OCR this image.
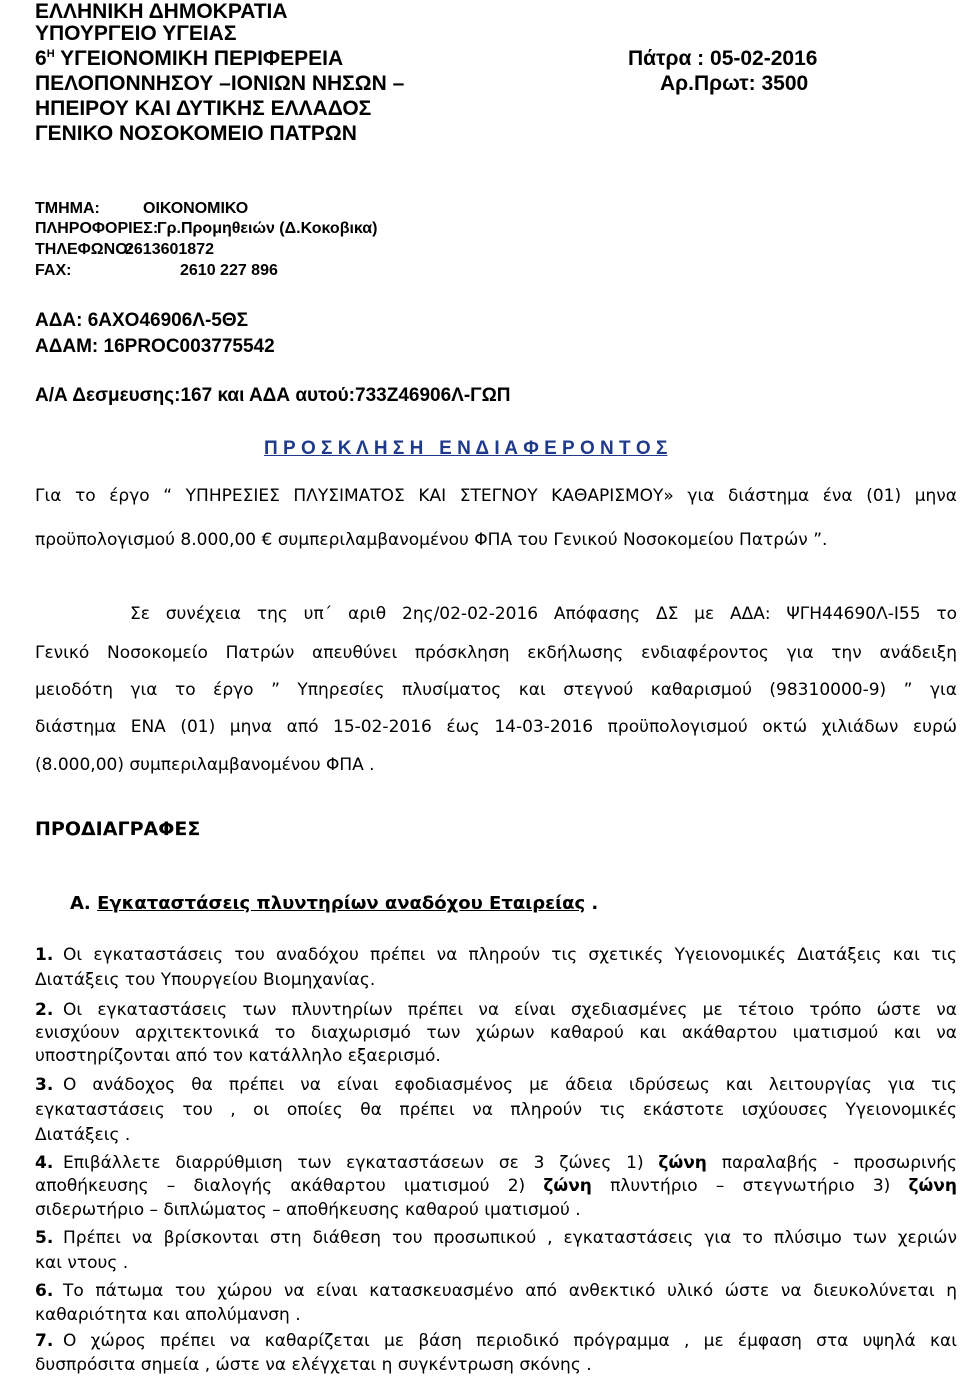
ΕΛΛΗΝΙΚΗ ΔΗΜΟΚΡΑΤΙΑ
ΥΠΟΥΡΓΕΙΟ ΥΓΕΙΑΣ
$6^H$ ΥΓΕΙΟΝΟΜΙΚΗ ΠΕΡΙΦΕΡΕΙΑ
ΠΕΛΟΠΟΝΝΗΣΟΥ –ΙΟΝΙΩΝ ΝΗΣΩΝ –
ΗΠΕΙΡΟΥ ΚΑΙ ΔΥΤΙΚΗΣ ΕΛΛΑΔΟΣ
ΓΕΝΙΚΟ ΝΟΣΟΚΟΜΕΙΟ ΠΑΤΡΩΝ
Πάτρα : 05-02-2016
Αρ.Πρωτ: 3500
ΤΜΗΜΑ:	ΟΙΚΟΝΟΜΙΚΟ
ΠΛΗΡΟΦΟΡΙΕΣ:
Γρ.Προμηθειών (Δ.Κοκοβικα)
ΤΗΛΕΦΩΝΟ:
2613601872
FAX:	2610 227 896
ΑΔΑ: 6ΑΧΟ46906Λ-5ΘΣ
ΑΔΑΜ: 16PROC003775542
Α/Α Δεσμευσης:167 και ΑΔΑ αυτού:733Ζ46906Λ-ΓΩΠ
Π Ρ Ο Σ Κ Λ Η Σ Η   Ε Ν Δ Ι Α Φ Ε Ρ Ο Ν Τ Ο Σ
Για το έργο “ ΥΠΗΡΕΣΙΕΣ ΠΛΥΣΙΜΑΤΟΣ ΚΑΙ ΣΤΕΓΝΟΥ ΚΑΘΑΡΙΣΜΟΥ» για διάστημα ένα (01) μηνα
προϋπολογισμού 8.000,00 € συμπεριλαμβανομένου ΦΠΑ του Γενικού Νοσοκομείου Πατρών ”.
Σε συνέχεια της υπ΄ αριθ 2ης/02-02-2016 Απόφασης ΔΣ με ΑΔΑ: ΨΓΗ44690Λ-Ι55 το
Γενικό Νοσοκομείο Πατρών απευθύνει πρόσκληση εκδήλωσης ενδιαφέροντος για την ανάδειξη
μειοδότη για το έργο ” Υπηρεσίες πλυσίματος και στεγνού καθαρισμού (98310000-9) ” για
διάστημα ΕΝΑ (01) μηνα από 15-02-2016 έως 14-03-2016 προϋπολογισμού οκτώ χιλιάδων ευρώ
(8.000,00) συμπεριλαμβανομένου ΦΠΑ .
ΠΡΟΔΙΑΓΡΑΦΕΣ
Α. Εγκαταστάσεις πλυντηρίων αναδόχου Εταιρείας .
1. Οι εγκαταστάσεις του αναδόχου πρέπει να πληρούν τις σχετικές Υγειονομικές Διατάξεις και τις
Διατάξεις του Υπουργείου Βιομηχανίας.
2. Οι εγκαταστάσεις των πλυντηρίων πρέπει να είναι σχεδιασμένες με τέτοιο τρόπο ώστε να
ενισχύουν αρχιτεκτονικά το διαχωρισμό των χώρων καθαρού και ακάθαρτου ιματισμού και να
υποστηρίζονται από τον κατάλληλο εξαερισμό.
3. Ο ανάδοχος θα πρέπει να είναι εφοδιασμένος με άδεια ιδρύσεως και λειτουργίας για τις
εγκαταστάσεις του , οι οποίες θα πρέπει να πληρούν τις εκάστοτε ισχύουσες Υγειονομικές
Διατάξεις .
4. Επιβάλλετε διαρρύθμιση των εγκαταστάσεων σε 3 ζώνες 1) ζώνη παραλαβής - προσωρινής
αποθήκευσης – διαλογής ακάθαρτου ιματισμού 2) ζώνη πλυντήριο – στεγνωτήριο 3) ζώνη
σιδερωτήριο – διπλώματος – αποθήκευσης καθαρού ιματισμού .
5. Πρέπει να βρίσκονται στη διάθεση του προσωπικού , εγκαταστάσεις για το πλύσιμο των χεριών
και ντους .
6. Το πάτωμα του χώρου να είναι κατασκευασμένο από ανθεκτικό υλικό ώστε να διευκολύνεται η
καθαριότητα και απολύμανση .
7. Ο χώρος πρέπει να καθαρίζεται με βάση περιοδικό πρόγραμμα , με έμφαση στα υψηλά και
δυσπρόσιτα σημεία , ώστε να ελέγχεται η συγκέντρωση σκόνης .
